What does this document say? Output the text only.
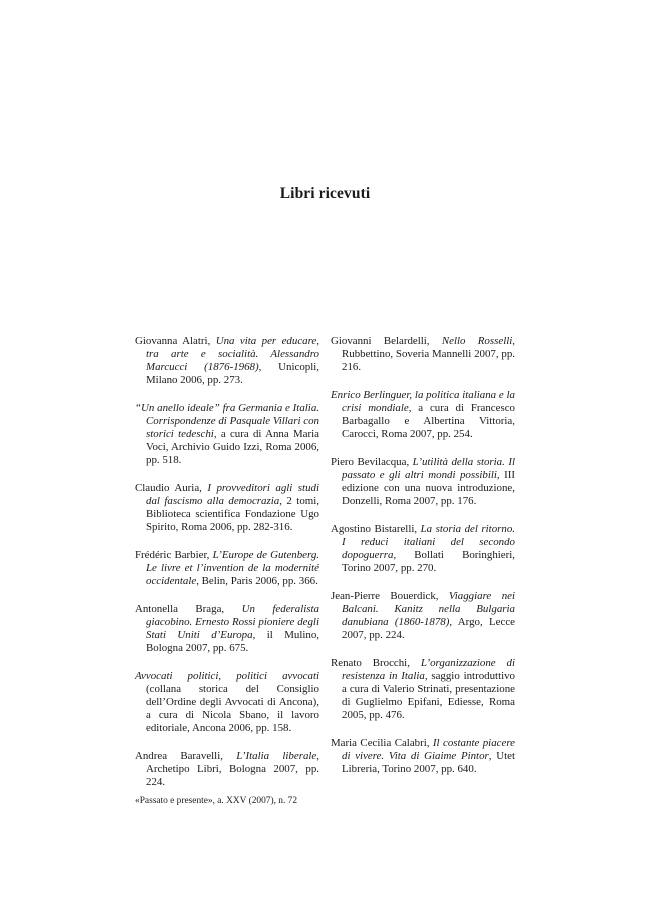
Libri ricevuti

Giovanna Alatri, Una vita per educare, tra arte e socialità. Alessandro Marcucci (1876-1968), Unicopli, Milano 2006, pp. 273.

“Un anello ideale” fra Germania e Italia. Corrispondenze di Pasquale Villari con storici tedeschi, a cura di Anna Maria Voci, Archivio Guido Izzi, Roma 2006, pp. 518.

Claudio Auria, I provveditori agli studi dal fascismo alla democrazia, 2 tomi, Biblioteca scientifica Fondazione Ugo Spirito, Roma 2006, pp. 282-316.

Frédéric Barbier, L’Europe de Gutenberg. Le livre et l’invention de la modernité occidentale, Belin, Paris 2006, pp. 366.

Antonella Braga, Un federalista giacobino. Ernesto Rossi pioniere degli Stati Uniti d’Europa, il Mulino, Bologna 2007, pp. 675.

Avvocati politici, politici avvocati (collana storica del Consiglio dell’Ordine degli Avvocati di Ancona), a cura di Nicola Sbano, il lavoro editoriale, Ancona 2006, pp. 158.

Andrea Baravelli, L’Italia liberale, Archetipo Libri, Bologna 2007, pp. 224.

Giovanni Belardelli, Nello Rosselli, Rubbettino, Soveria Mannelli 2007, pp. 216.

Enrico Berlinguer, la politica italiana e la crisi mondiale, a cura di Francesco Barbagallo e Albertina Vittoria, Carocci, Roma 2007, pp. 254.

Piero Bevilacqua, L’utilità della storia. Il passato e gli altri mondi possibili, III edizione con una nuova introduzione, Donzelli, Roma 2007, pp. 176.

Agostino Bistarelli, La storia del ritorno. I reduci italiani del secondo dopoguerra, Bollati Boringhieri, Torino 2007, pp. 270.

Jean-Pierre Bouerdick, Viaggiare nei Balcani. Kanitz nella Bulgaria danubiana (1860-1878), Argo, Lecce 2007, pp. 224.

Renato Brocchi, L’organizzazione di resistenza in Italia, saggio introduttivo a cura di Valerio Strinati, presentazione di Guglielmo Epifani, Ediesse, Roma 2005, pp. 476.

Maria Cecilia Calabri, Il costante piacere di vivere. Vita di Giaime Pintor, Utet Libreria, Torino 2007, pp. 640.

«Passato e presente», a. XXV (2007), n. 72
